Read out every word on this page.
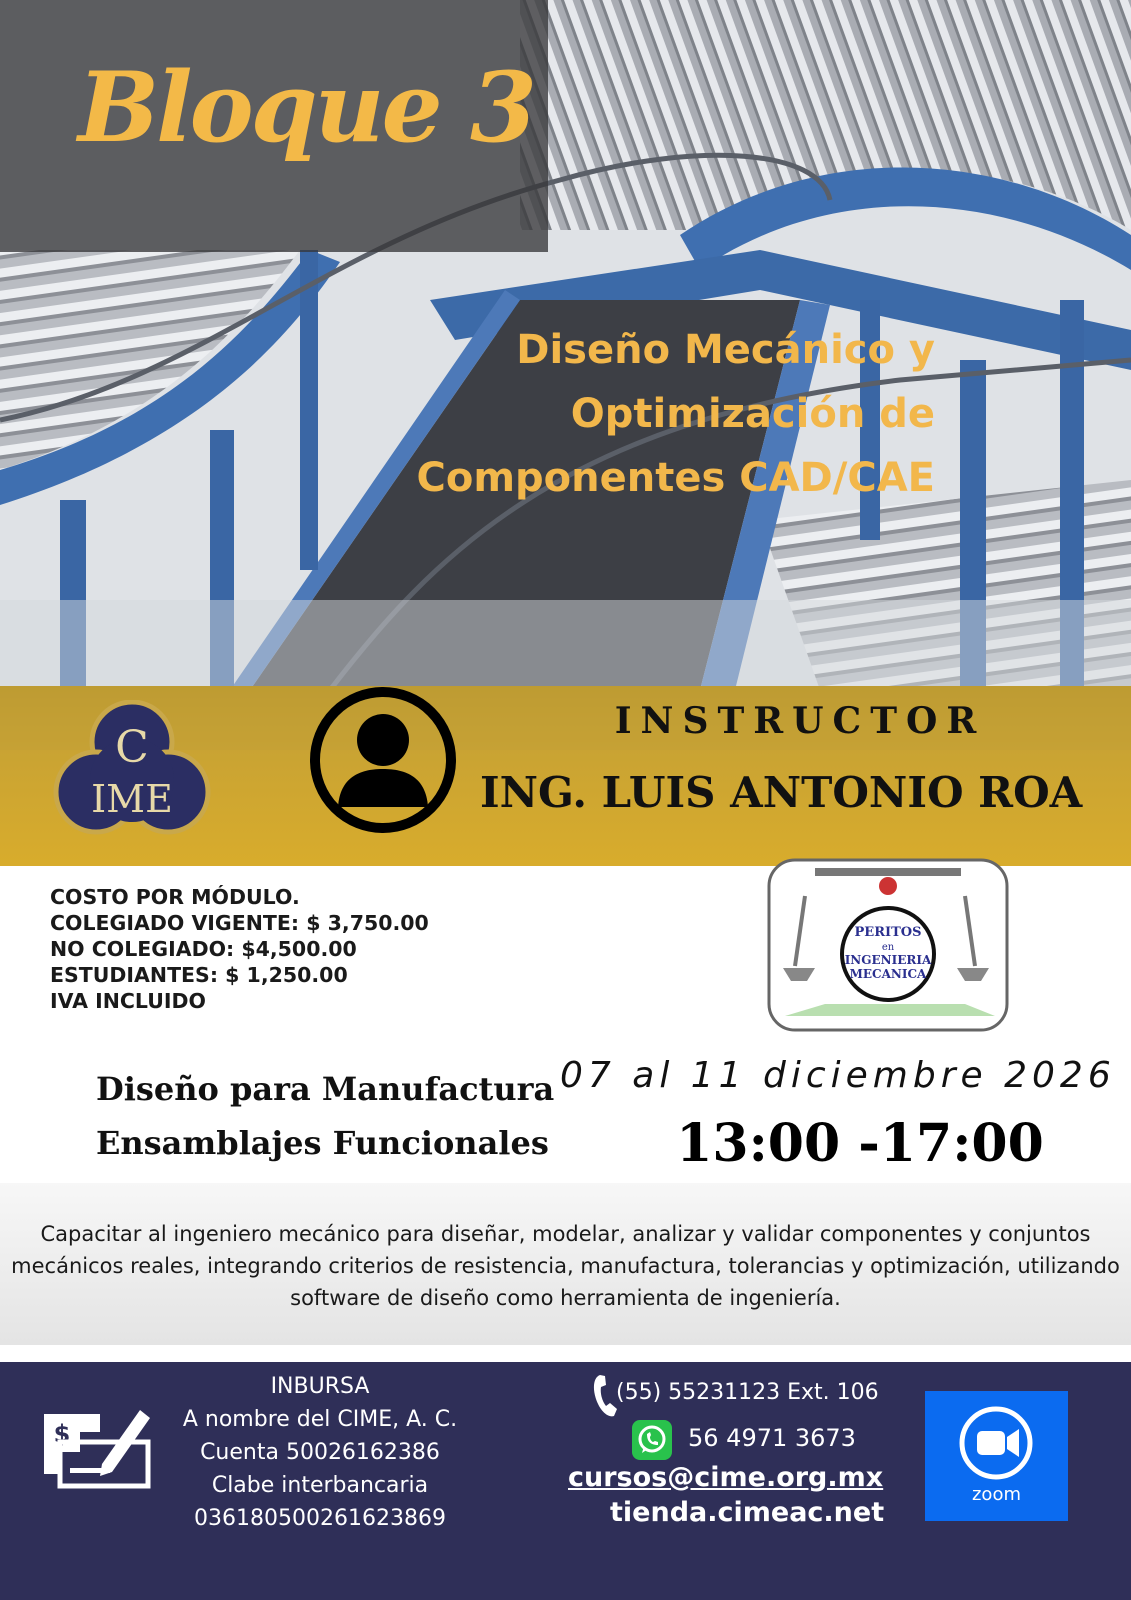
Bloque 3
Diseño Mecánico y
Optimización de
Componentes CAD/CAE
C
IME
INSTRUCTOR
ING. LUIS ANTONIO ROA
COSTO POR MÓDULO.
COLEGIADO VIGENTE: $ 3,750.00
NO COLEGIADO: $4,500.00
ESTUDIANTES: $ 1,250.00
IVA INCLUIDO
PERITOS
en
INGENIERIA
MECANICA
Diseño para Manufactura
Ensamblajes Funcionales
07 al 11 diciembre 2026
13:00 -17:00
Capacitar al ingeniero mecánico para diseñar, modelar, analizar y validar componentes y conjuntos mecánicos reales, integrando criterios de resistencia, manufactura, tolerancias y optimización, utilizando software de diseño como herramienta de ingeniería.
$
INBURSA
A nombre del CIME, A. C.
Cuenta 50026162386
Clabe interbancaria
036180500261623869
(55) 55231123 Ext. 106
56 4971 3673
cursos@cime.org.mx
tienda.cimeac.net
zoom
